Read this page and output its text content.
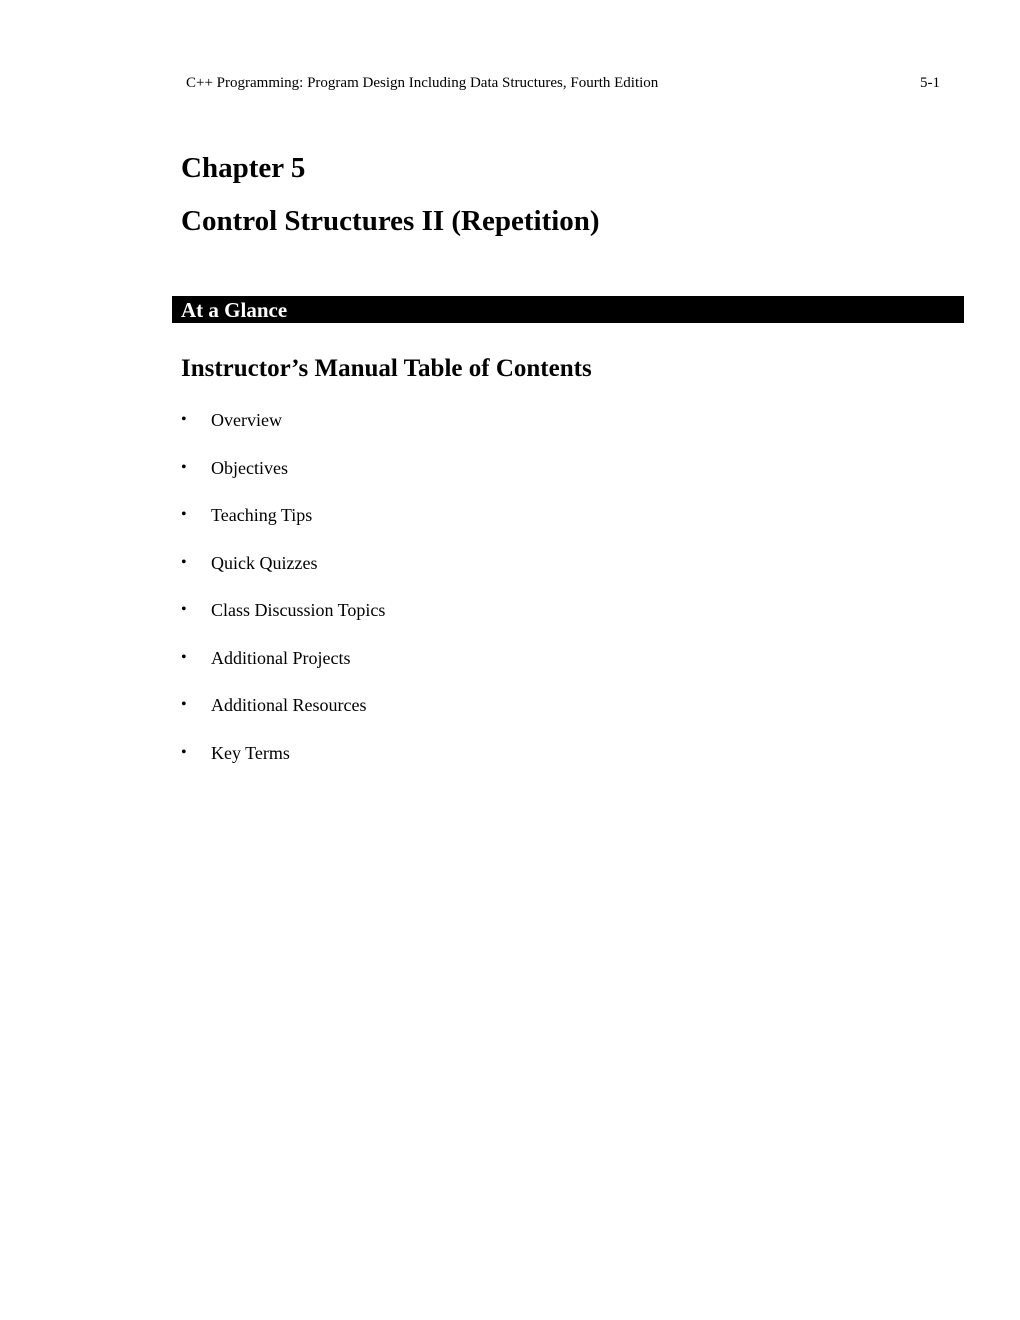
C++ Programming: Program Design Including Data Structures, Fourth Edition	5-1
Chapter 5
Control Structures II (Repetition)
At a Glance
Instructor’s Manual Table of Contents
•	Overview
•	Objectives
•	Teaching Tips
•	Quick Quizzes
•	Class Discussion Topics
•	Additional Projects
•	Additional Resources
•	Key Terms
